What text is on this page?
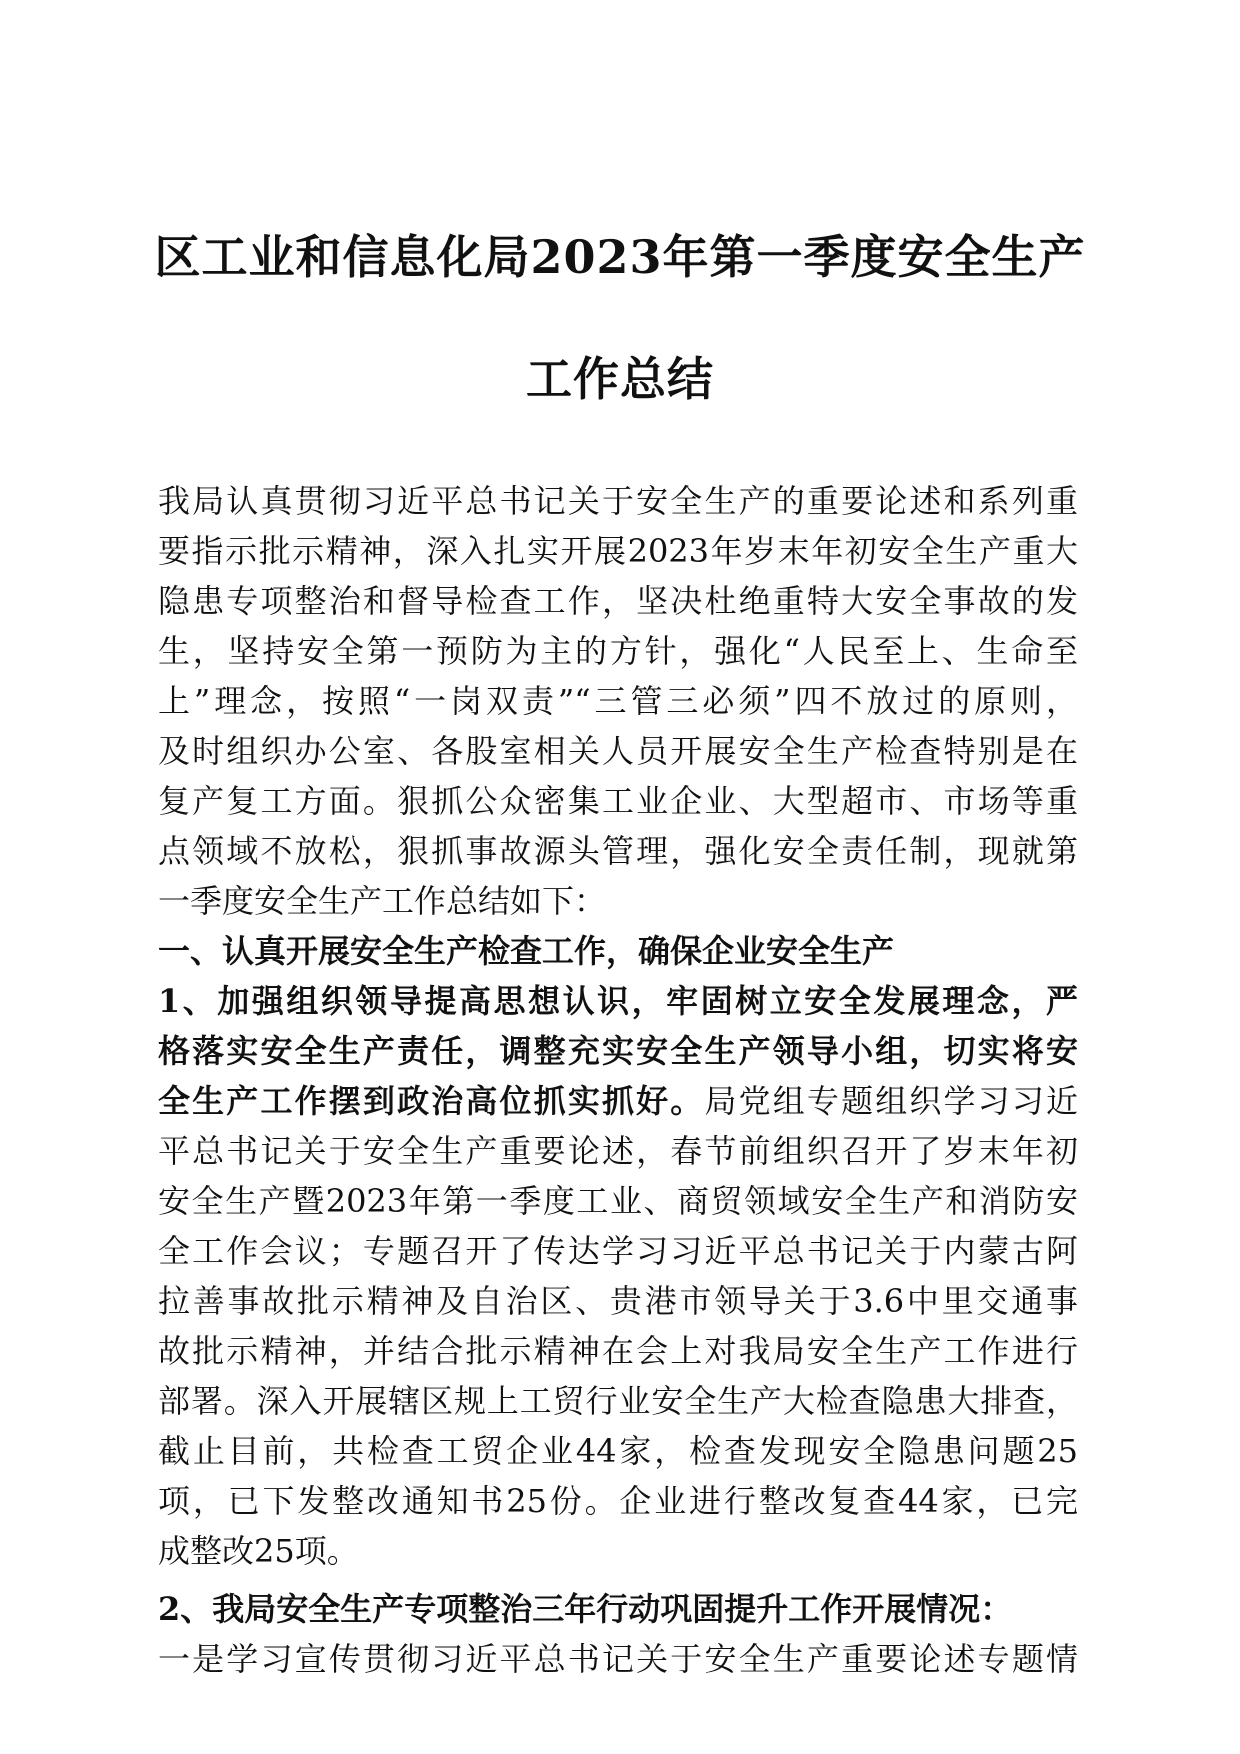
区工业和信息化局2023年第一季度安全生产
工作总结
我局认真贯彻习近平总书记关于安全生产的重要论述和系列重
要指示批示精神，深入扎实开展2023年岁末年初安全生产重大
隐患专项整治和督导检查工作，坚决杜绝重特大安全事故的发
生，坚持安全第一预防为主的方针，强化“人民至上、生命至
上”理念，按照“一岗双责”“三管三必须”四不放过的原则，
及时组织办公室、各股室相关人员开展安全生产检查特别是在
复产复工方面。狠抓公众密集工业企业、大型超市、市场等重
点领域不放松，狠抓事故源头管理，强化安全责任制，现就第
一季度安全生产工作总结如下：
一、认真开展安全生产检查工作，确保企业安全生产
1、加强组织领导提高思想认识，牢固树立安全发展理念，严
格落实安全生产责任，调整充实安全生产领导小组，切实将安
全生产工作摆到政治高位抓实抓好。局党组专题组织学习习近
平总书记关于安全生产重要论述，春节前组织召开了岁末年初
安全生产暨2023年第一季度工业、商贸领域安全生产和消防安
全工作会议；专题召开了传达学习习近平总书记关于内蒙古阿
拉善事故批示精神及自治区、贵港市领导关于3.6中里交通事
故批示精神，并结合批示精神在会上对我局安全生产工作进行
部署。深入开展辖区规上工贸行业安全生产大检查隐患大排查，
截止目前，共检查工贸企业44家，检查发现安全隐患问题25
项，已下发整改通知书25份。企业进行整改复查44家，已完
成整改25项。
2、我局安全生产专项整治三年行动巩固提升工作开展情况：
一是学习宣传贯彻习近平总书记关于安全生产重要论述专题情
